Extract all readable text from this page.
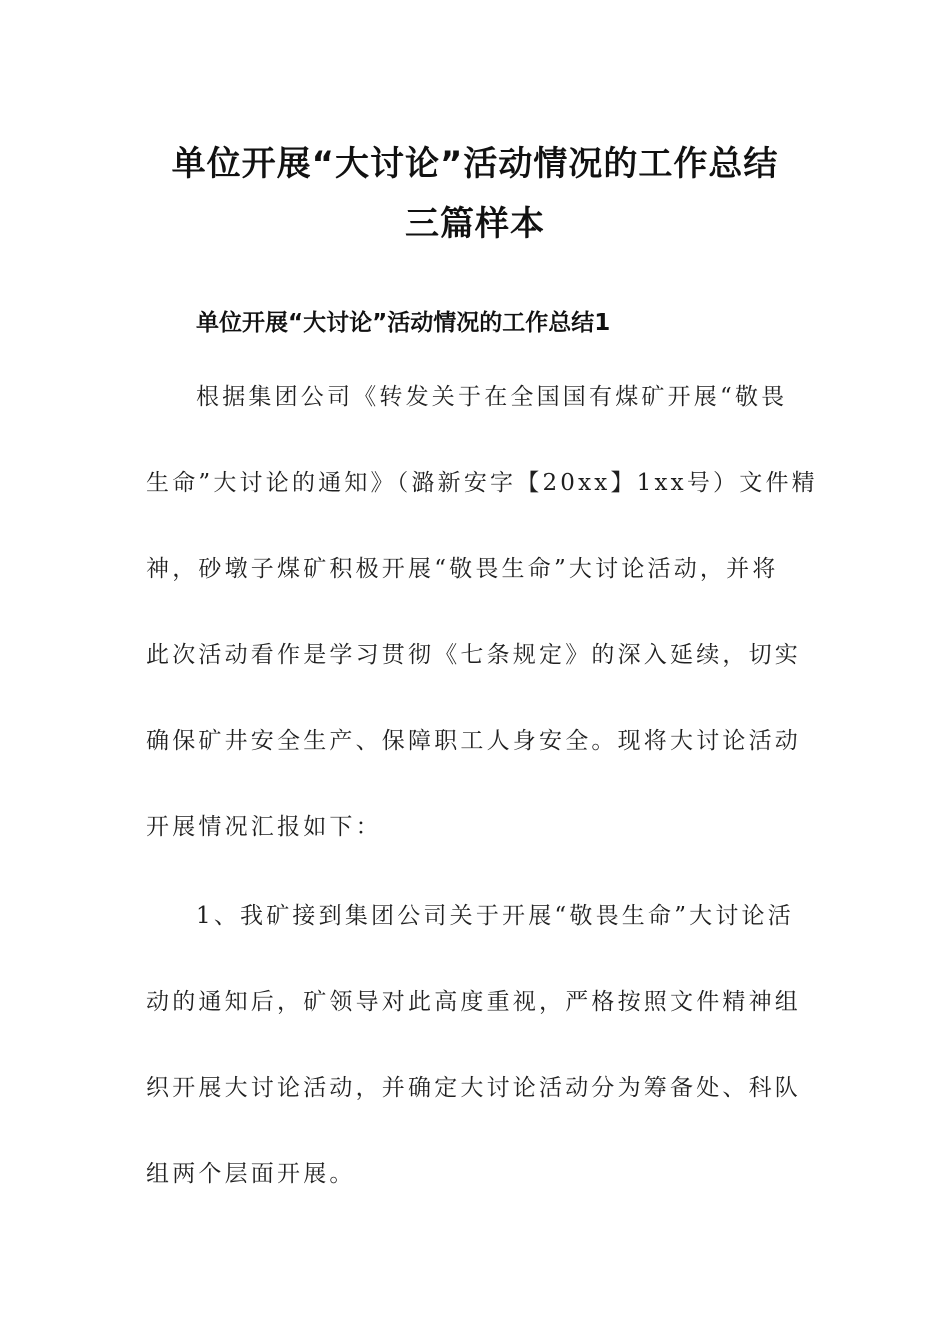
单位开展“大讨论”活动情况的工作总结
三篇样本
单位开展“大讨论”活动情况的工作总结1
根据集团公司《转发关于在全国国有煤矿开展“敬畏
生命”大讨论的通知》（潞新安字【20xx】1xx号）文件精
神，砂墩子煤矿积极开展“敬畏生命”大讨论活动，并将
此次活动看作是学习贯彻《七条规定》的深入延续，切实
确保矿井安全生产、保障职工人身安全。现将大讨论活动
开展情况汇报如下：
1、我矿接到集团公司关于开展“敬畏生命”大讨论活
动的通知后，矿领导对此高度重视，严格按照文件精神组
织开展大讨论活动，并确定大讨论活动分为筹备处、科队
组两个层面开展。
